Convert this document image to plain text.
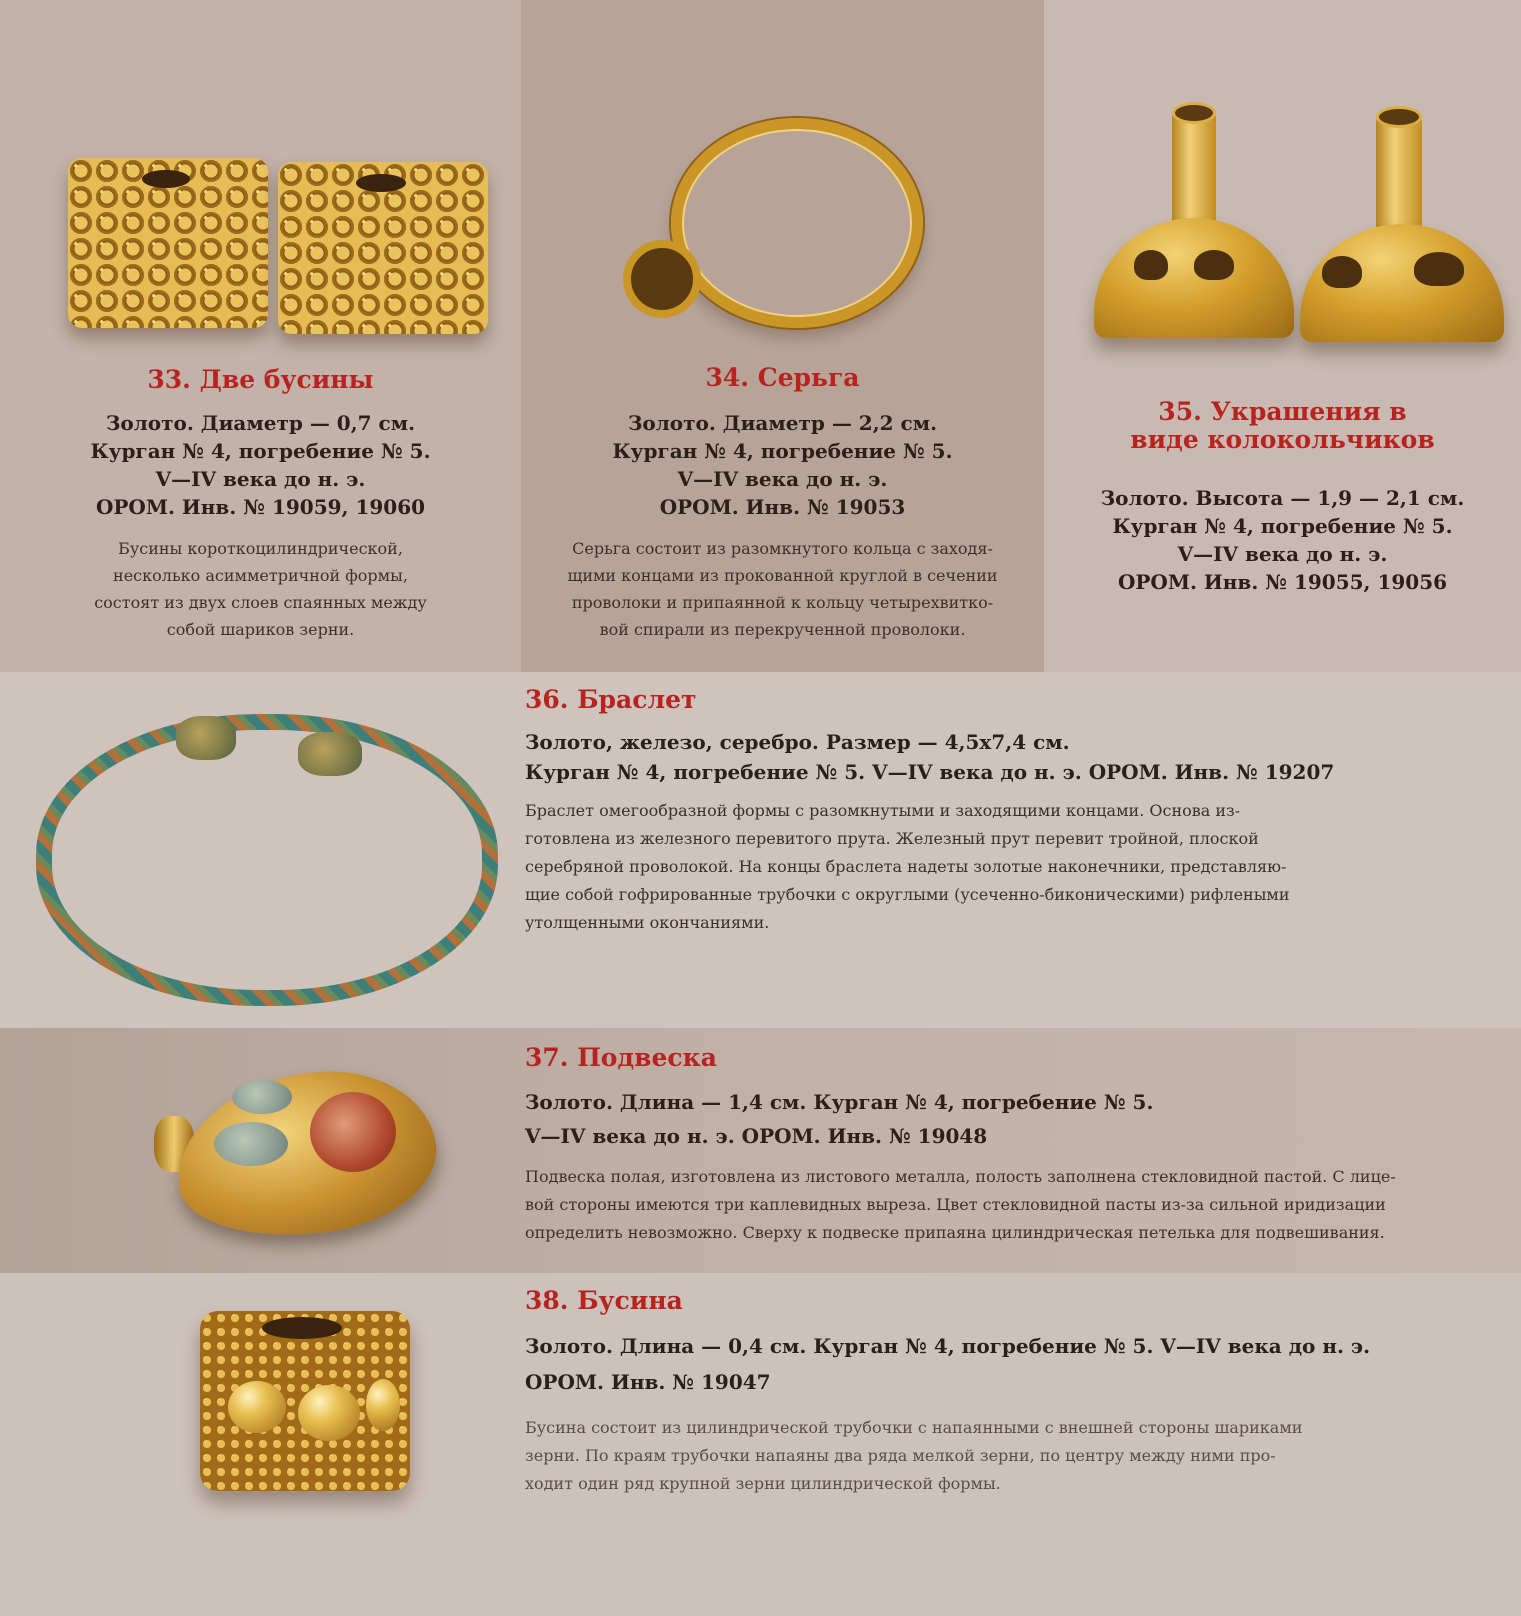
33. Две бусины
Золото. Диаметр — 0,7 см.
Курган № 4, погребение № 5.
V—IV века до н. э.
ОРОМ. Инв. № 19059, 19060
Бусины короткоцилиндрической,
несколько асимметричной формы,
состоят из двух слоев спаянных между
собой шариков зерни.
34. Серьга
Золото. Диаметр — 2,2 см.
Курган № 4, погребение № 5.
V—IV века до н. э.
ОРОМ. Инв. № 19053
Серьга состоит из разомкнутого кольца с заходя-
щими концами из прокованной круглой в сечении
проволоки и припаянной к кольцу четырехвитко-
вой спирали из перекрученной проволоки.
35. Украшения в
виде колокольчиков
Золото. Высота — 1,9 — 2,1 см.
Курган № 4, погребение № 5.
V—IV века до н. э.
ОРОМ. Инв. № 19055, 19056
36. Браслет
Золото, железо, серебро. Размер — 4,5х7,4 см.
Курган № 4, погребение № 5. V—IV века до н. э. ОРОМ. Инв. № 19207
Браслет омегообразной формы с разомкнутыми и заходящими концами. Основа из-
готовлена из железного перевитого прута. Железный прут перевит тройной, плоской
серебряной проволокой. На концы браслета надеты золотые наконечники, представляю-
щие собой гофрированные трубочки с округлыми (усеченно-биконическими) рифлеными
утолщенными окончаниями.
37. Подвеска
Золото. Длина — 1,4 см. Курган № 4, погребение № 5.
V—IV века до н. э. ОРОМ. Инв. № 19048
Подвеска полая, изготовлена из листового металла, полость заполнена стекловидной пастой. С лице-
вой стороны имеются три каплевидных выреза. Цвет стекловидной пасты из-за сильной иридизации
определить невозможно. Сверху к подвеске припаяна цилиндрическая петелька для подвешивания.
38. Бусина
Золото. Длина — 0,4 см. Курган № 4, погребение № 5. V—IV века до н. э.
ОРОМ. Инв. № 19047
Бусина состоит из цилиндрической трубочки с напаянными с внешней стороны шариками
зерни. По краям трубочки напаяны два ряда мелкой зерни, по центру между ними про-
ходит один ряд крупной зерни цилиндрической формы.
